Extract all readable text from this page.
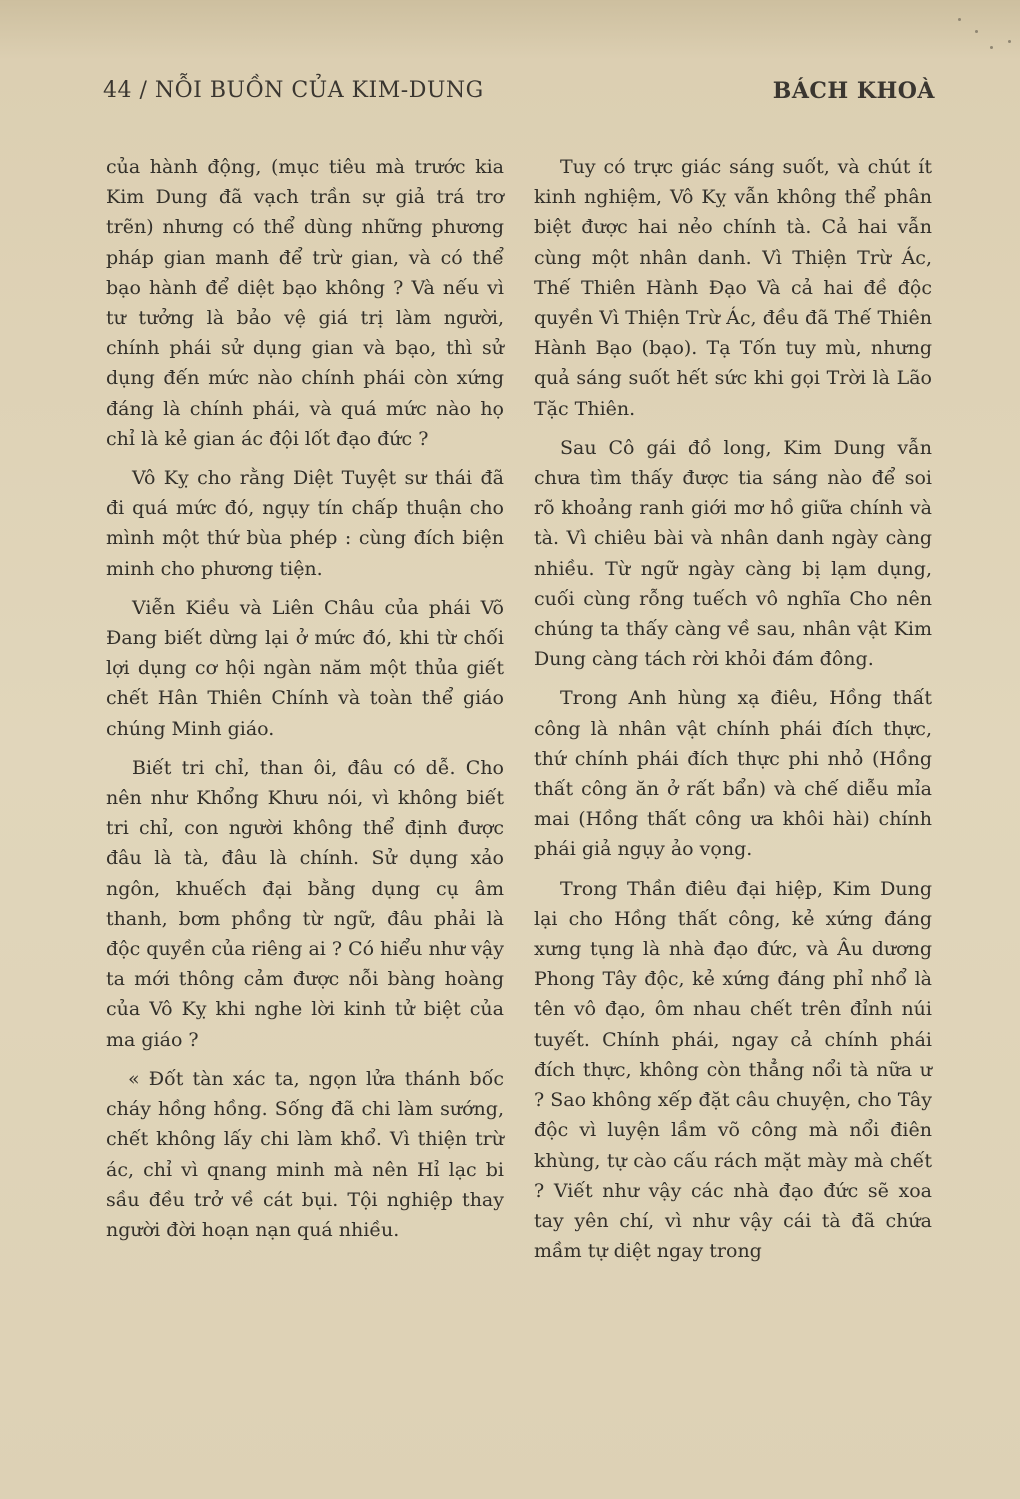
44 / NỖI BUỒN CỦA KIM-DUNG	BÁCH KHOÀ

của hành động, (mục tiêu mà trước kia Kim Dung đã vạch trần sự giả trá trơ trẽn) nhưng có thể dùng những phương pháp gian manh để trừ gian, và có thể bạo hành để diệt bạo không ? Và nếu vì tư tưởng là bảo vệ giá trị làm người, chính phái sử dụng gian và bạo, thì sử dụng đến mức nào chính phái còn xứng đáng là chính phái, và quá mức nào họ chỉ là kẻ gian ác đội lốt đạo đức ?

Vô Kỵ cho rằng Diệt Tuyệt sư thái đã đi quá mức đó, ngụy tín chấp thuận cho mình một thứ bùa phép : cùng đích biện minh cho phương tiện.

Viễn Kiều và Liên Châu của phái Võ Đang biết dừng lại ở mức đó, khi từ chối lợi dụng cơ hội ngàn năm một thủa giết chết Hân Thiên Chính và toàn thể giáo chúng Minh giáo.

Biết tri chỉ, than ôi, đâu có dễ. Cho nên như Khổng Khưu nói, vì không biết tri chỉ, con người không thể định được đâu là tà, đâu là chính. Sử dụng xảo ngôn, khuếch đại bằng dụng cụ âm thanh, bơm phồng từ ngữ, đâu phải là độc quyền của riêng ai ? Có hiểu như vậy ta mới thông cảm được nỗi bàng hoàng của Vô Kỵ khi nghe lời kinh tử biệt của ma giáo ?

« Đốt tàn xác ta, ngọn lửa thánh bốc cháy hồng hồng. Sống đã chi làm sướng, chết không lấy chi làm khổ. Vì thiện trừ ác, chỉ vì qnang minh mà nên Hỉ lạc bi sầu đều trở về cát bụi. Tội nghiệp thay người đời hoạn nạn quá nhiều.

Tuy có trực giác sáng suốt, và chút ít kinh nghiệm, Vô Kỵ vẫn không thể phân biệt được hai nẻo chính tà. Cả hai vẫn cùng một nhân danh. Vì Thiện Trừ Ác, Thế Thiên Hành Đạo Và cả hai đề độc quyền Vì Thiện Trừ Ác, đều đã Thế Thiên Hành Bạo (bạo). Tạ Tốn tuy mù, nhưng quả sáng suốt hết sức khi gọi Trời là Lão Tặc Thiên.

Sau Cô gái đồ long, Kim Dung vẫn chưa tìm thấy được tia sáng nào để soi rõ khoảng ranh giới mơ hồ giữa chính và tà. Vì chiêu bài và nhân danh ngày càng nhiều. Từ ngữ ngày càng bị lạm dụng, cuối cùng rỗng tuếch vô nghĩa Cho nên chúng ta thấy càng về sau, nhân vật Kim Dung càng tách rời khỏi đám đông.

Trong Anh hùng xạ điêu, Hồng thất công là nhân vật chính phái đích thực, thứ chính phái đích thực phi nhỏ (Hồng thất công ăn ở rất bẩn) và chế diễu mỉa mai (Hồng thất công ưa khôi hài) chính phái giả ngụy ảo vọng.

Trong Thần điêu đại hiệp, Kim Dung lại cho Hồng thất công, kẻ xứng đáng xưng tụng là nhà đạo đức, và Âu dương Phong Tây độc, kẻ xứng đáng phỉ nhổ là tên vô đạo, ôm nhau chết trên đỉnh núi tuyết. Chính phái, ngay cả chính phái đích thực, không còn thẳng nổi tà nữa ư ? Sao không xếp đặt câu chuyện, cho Tây độc vì luyện lầm võ công mà nổi điên khùng, tự cào cấu rách mặt mày mà chết ? Viết như vậy các nhà đạo đức sẽ xoa tay yên chí, vì như vậy cái tà đã chứa mầm tự diệt ngay trong
